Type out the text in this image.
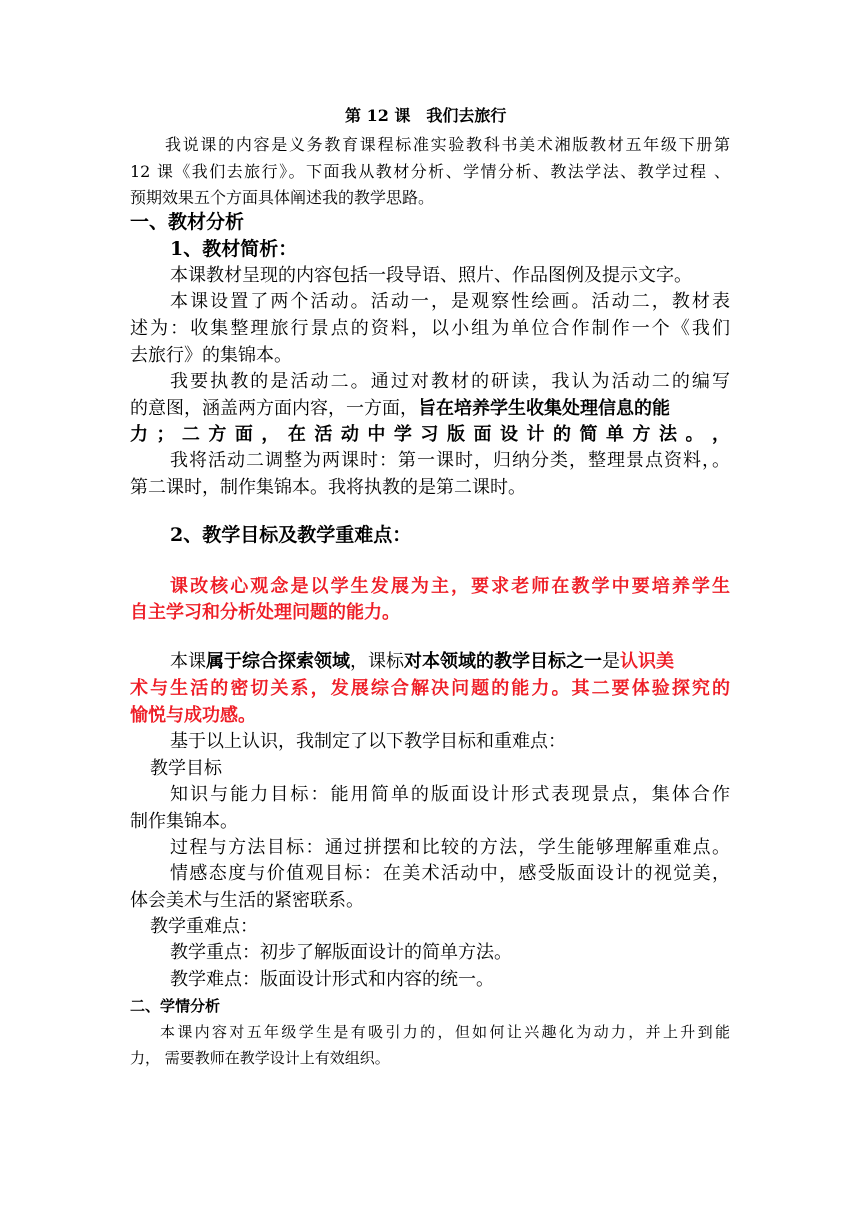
第 12 课　我们去旅行
我说课的内容是义务教育课程标准实验教科书美术湘版教材五年级下册第
12 课《我们去旅行》。下面我从教材分析、学情分析、教法学法、教学过程 、
预期效果五个方面具体阐述我的教学思路。
一、教材分析
1、教材简析：
本课教材呈现的内容包括一段导语、照片、作品图例及提示文字。
本课设置了两个活动。活动一，是观察性绘画。活动二，教材表
述为：收集整理旅行景点的资料，以小组为单位合作制作一个《我们
去旅行》的集锦本。
我要执教的是活动二。通过对教材的研读，我认为活动二的编写
的意图，涵盖两方面内容，一方面，旨在培养学生收集处理信息的能
力 ； 二 方 面 ， 在 活 动 中 学 习 版 面 设 计 的 简 单 方 法 。 ，
我将活动二调整为两课时：第一课时，归纳分类，整理景点资料，。
第二课时，制作集锦本。我将执教的是第二课时。
2、教学目标及教学重难点：
课改核心观念是以学生发展为主，要求老师在教学中要培养学生
自主学习和分析处理问题的能力。
本课属于综合探索领域，课标对本领域的教学目标之一是认识美
术与生活的密切关系，发展综合解决问题的能力。其二要体验探究的
愉悦与成功感。
基于以上认识，我制定了以下教学目标和重难点：
教学目标
知识与能力目标：能用简单的版面设计形式表现景点，集体合作
制作集锦本。
过程与方法目标：通过拼摆和比较的方法，学生能够理解重难点。
情感态度与价值观目标：在美术活动中，感受版面设计的视觉美，
体会美术与生活的紧密联系。
教学重难点：
教学重点：初步了解版面设计的简单方法。
教学难点：版面设计形式和内容的统一。
二、学情分析
本课内容对五年级学生是有吸引力的，但如何让兴趣化为动力，并上升到能
力， 需要教师在教学设计上有效组织。
